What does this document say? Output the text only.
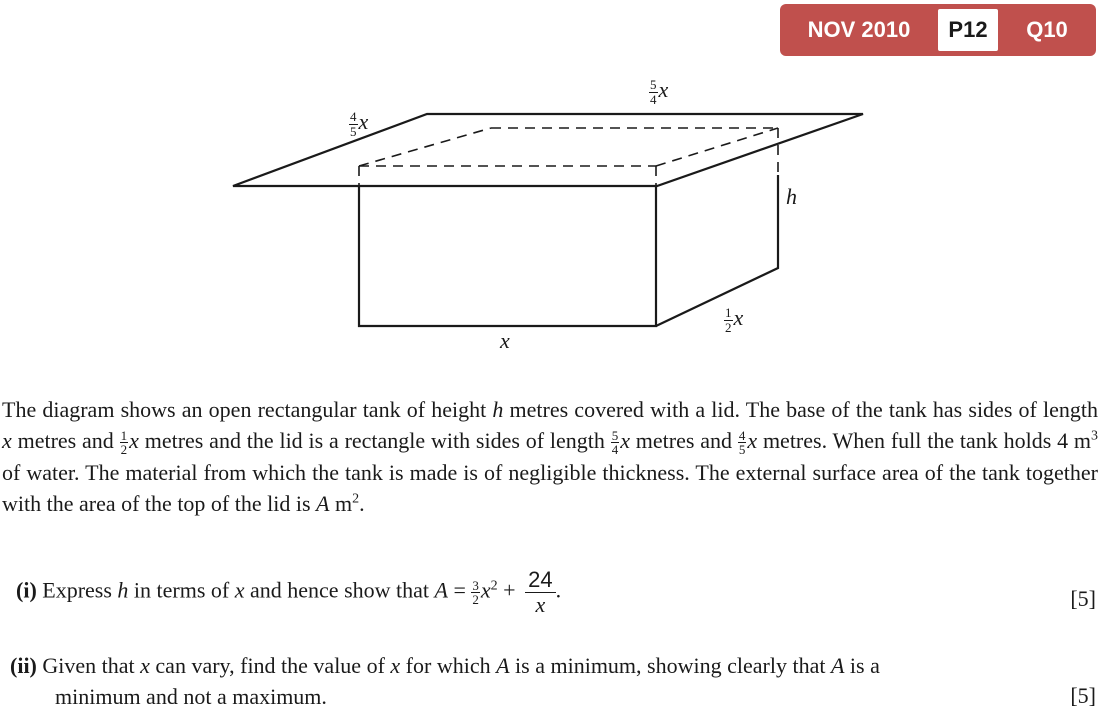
NOV 2010	P12	Q10
$\frac{4}{5}$ x
$\frac{5}{4}$ x
h
$\frac{1}{2}$ x
x
The diagram shows an open rectangular tank of height h metres covered with a lid. The base of the tank has sides of length x metres and $\frac{1}{2}$ x metres and the lid is a rectangle with sides of length $\frac{5}{4}$ x metres and $\frac{4}{5}$ x metres. When full the tank holds 4 $m^3$ of water. The material from which the tank is made is of negligible thickness. The external surface area of the tank together with the area of the top of the lid is A $m^2$.
(i) Express h in terms of x and hence show that $A = \frac{3}{2} x^2 + \frac{24}{x}$ .	[5]
(ii) Given that x can vary, find the value of x for which A is a minimum, showing clearly that A is a
minimum and not a maximum.	[5]
